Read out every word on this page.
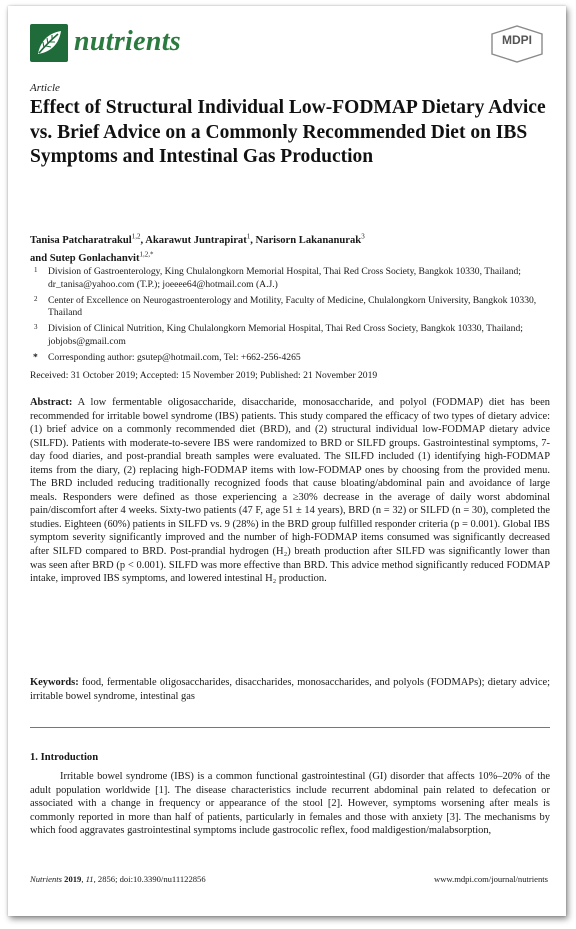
nutrients	MDPI
Article
Effect of Structural Individual Low-FODMAP Dietary Advice vs. Brief Advice on a Commonly Recommended Diet on IBS Symptoms and Intestinal Gas Production
Tanisa Patcharatrakul$^{1,2}$, Akarawut Juntrapirat$^1$, Narisorn Lakananurak$^3$
and Sutep Gonlachanvit$^{1,2,*}$
1 Division of Gastroenterology, King Chulalongkorn Memorial Hospital, Thai Red Cross Society, Bangkok 10330, Thailand; dr_tanisa@yahoo.com (T.P.); joeeee64@hotmail.com (A.J.)
2 Center of Excellence on Neurogastroenterology and Motility, Faculty of Medicine, Chulalongkorn University, Bangkok 10330, Thailand
3 Division of Clinical Nutrition, King Chulalongkorn Memorial Hospital, Thai Red Cross Society, Bangkok 10330, Thailand; jobjobs@gmail.com
* Corresponding author: gsutep@hotmail.com, Tel: +662-256-4265
Received: 31 October 2019; Accepted: 15 November 2019; Published: 21 November 2019
Abstract: A low fermentable oligosaccharide, disaccharide, monosaccharide, and polyol (FODMAP) diet has been recommended for irritable bowel syndrome (IBS) patients. This study compared the efficacy of two types of dietary advice: (1) brief advice on a commonly recommended diet (BRD), and (2) structural individual low-FODMAP dietary advice (SILFD). Patients with moderate-to-severe IBS were randomized to BRD or SILFD groups. Gastrointestinal symptoms, 7-day food diaries, and post-prandial breath samples were evaluated. The SILFD included (1) identifying high-FODMAP items from the diary, (2) replacing high-FODMAP items with low-FODMAP ones by choosing from the provided menu. The BRD included reducing traditionally recognized foods that cause bloating/abdominal pain and avoidance of large meals. Responders were defined as those experiencing a ≥30% decrease in the average of daily worst abdominal pain/discomfort after 4 weeks. Sixty-two patients (47 F, age 51 ± 14 years), BRD (n = 32) or SILFD (n = 30), completed the studies. Eighteen (60%) patients in SILFD vs. 9 (28%) in the BRD group fulfilled responder criteria (p = 0.001). Global IBS symptom severity significantly improved and the number of high-FODMAP items consumed was significantly decreased after SILFD compared to BRD. Post-prandial hydrogen (H₂) breath production after SILFD was significantly lower than was seen after BRD (p < 0.001). SILFD was more effective than BRD. This advice method significantly reduced FODMAP intake, improved IBS symptoms, and lowered intestinal H₂ production.
Keywords: food, fermentable oligosaccharides, disaccharides, monosaccharides, and polyols (FODMAPs); dietary advice; irritable bowel syndrome, intestinal gas
1. Introduction
Irritable bowel syndrome (IBS) is a common functional gastrointestinal (GI) disorder that affects 10%–20% of the adult population worldwide [1]. The disease characteristics include recurrent abdominal pain related to defecation or associated with a change in frequency or appearance of the stool [2]. However, symptoms worsening after meals is commonly reported in more than half of patients, particularly in females and those with anxiety [3]. The mechanisms by which food aggravates gastrointestinal symptoms include gastrocolic reflex, food maldigestion/malabsorption,
Nutrients 2019, 11, 2856; doi:10.3390/nu11122856	www.mdpi.com/journal/nutrients
